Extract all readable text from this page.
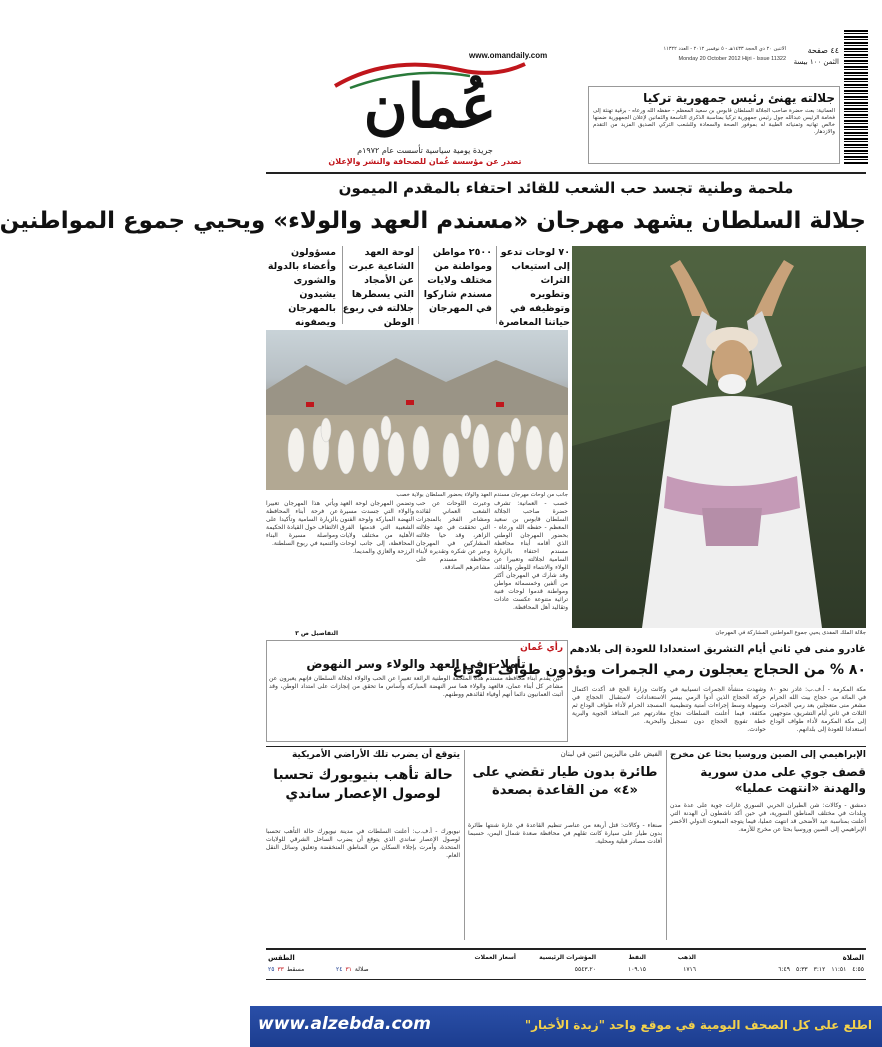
www.omandaily.com
٤٤ صفحة
الثمن ١٠٠ بيسة
الاثنين ٢٠ ذي الحجة ١٤٣٣هـ - ٥ نوفمبر ٢٠١٢ - العدد ١١٣٢٢
Monday 20 October 2012 Hijri - Issue 11322
عُمان
جريدة يومية سياسية تأسست عام ١٩٧٢م
تصدر عن مؤسسة عُمان للصحافة والنشر والإعلان
جلالته يهنئ رئيس جمهورية تركيا
العمانية: بعث حضرة صاحب الجلالة السلطان قابوس بن سعيد المعظم - حفظه الله ورعاه - برقية تهنئة إلى فخامة الرئيس عبدالله جول رئيس جمهورية تركيا بمناسبة الذكرى التاسعة والثمانين لإعلان الجمهورية ضمنها خالص تهانيه وتمنياته الطيبة له بموفور الصحة والسعادة وللشعب التركي الصديق المزيد من التقدم والازدهار.
ملحمة وطنية تجسد حب الشعب للقائد احتفاء بالمقدم الميمون
جلالة السلطان يشهد مهرجان «مسندم العهد والولاء» ويحيي جموع المواطنين
٧٠ لوحات تدعو إلى استيعاب التراث وتطويره وتوظيفه في حياتنا المعاصرة
٢٥٠٠ مواطن ومواطنة من مختلف ولايات مسندم شاركوا في المهرجان
لوحة العهد الشاعية عبرت عن الأمجاد التي يسطرها جلالته في ربوع الوطن
مسؤولون وأعضاء بالدولة والشورى يشيدون بالمهرجان ويصفونه
جانب من لوحات مهرجان مسندم العهد والولاء بحضور السلطان بولاية خصب
جلالة الملك المفدى يحيي جموع المواطنين المشاركة في المهرجان
خصب - العمانية: تشرف حضرة صاحب الجلالة السلطان قابوس بن سعيد المعظم - حفظه الله ورعاه - بحضور المهرجان الوطني الذي أقامه أبناء محافظة مسندم احتفاء بالزيارة السامية لجلالته وتعبيرا عن الولاء والانتماء للوطن والقائد، وقد شارك في المهرجان أكثر من ألفين وخمسمائة مواطن ومواطنة قدموا لوحات فنية تراثية متنوعة عكست عادات وتقاليد أهل المحافظة.
وعبرت اللوحات عن حب الشعب العماني لقائده ومشاعر الفخر بالمنجزات التي تحققت في عهد جلالته الزاهر، وقد حيا جلالته المشاركين في المهرجان وعبر عن شكره وتقديره لأبناء محافظة مسندم على مشاعرهم الصادقة.
وتضمن المهرجان لوحة العهد والولاء التي جسدت مسيرة النهضة المباركة ولوحة الفنون الشعبية التي قدمتها الفرق الأهلية من مختلف ولايات المحافظة، إلى جانب لوحات الرزحة والعازي والمديما.
ويأتي هذا المهرجان تعبيرا عن فرحة أبناء المحافظة بالزيارة السامية وتأكيدا على الالتفاف حول القيادة الحكيمة ومواصلة مسيرة البناء والتنمية في ربوع السلطنة.
التفاصيل ص ٣
رأي عُمان
تأملات في العهد والولاء وسر النهوض
حين يقدم أبناء محافظة مسندم هذه الملحمة الوطنية الرائعة تعبيرا عن الحب والولاء لجلالة السلطان فإنهم يعبرون عن مشاعر كل أبناء عمان، فالعهد والولاء هما سر النهضة المباركة وأساس ما تحقق من إنجازات على امتداد الوطن، وقد أثبت العمانيون دائما أنهم أوفياء لقائدهم ووطنهم.
غادرو منى في ثاني أيام التشريق استعدادا للعودة إلى بلادهم
٨٠ % من الحجاج يعجلون رمي الجمرات ويؤدون طواف الوداع
مكة المكرمة - أ.ف.ب: غادر نحو ٨٠ في المائة من حجاج بيت الله الحرام مشعر منى متعجلين بعد رمي الجمرات الثلاث في ثاني أيام التشريق، متوجهين إلى مكة المكرمة لأداء طواف الوداع استعدادا للعودة إلى بلدانهم.
وشهدت منشأة الجمرات انسيابية في حركة الحجاج الذين أدوا الرمي بيسر وسهولة وسط إجراءات أمنية وتنظيمية مكثفة، فيما أعلنت السلطات نجاح خطة تفويج الحجاج دون تسجيل حوادث.
وكانت وزارة الحج قد أكدت اكتمال الاستعدادات لاستقبال الحجاج في المسجد الحرام لأداء طواف الوداع ثم مغادرتهم عبر المنافذ الجوية والبرية والبحرية.
الإبراهيمي إلى الصين وروسيا بحثا عن مخرج
قصف جوي على مدن سورية والهدنة «انتهت عمليا»
دمشق - وكالات: شن الطيران الحربي السوري غارات جوية على عدة مدن وبلدات في مختلف المناطق السورية، في حين أكد ناشطون أن الهدنة التي أعلنت بمناسبة عيد الأضحى قد انتهت عمليا، فيما يتوجه المبعوث الدولي الأخضر الإبراهيمي إلى الصين وروسيا بحثا عن مخرج للأزمة.
الفيض على ماليزيين اثنين في لبنان
طائرة بدون طيار تقضي على «٤» من القاعدة بصعدة
صنعاء - وكالات: قتل أربعة من عناصر تنظيم القاعدة في غارة شنتها طائرة بدون طيار على سيارة كانت تقلهم في محافظة صعدة شمال اليمن، حسبما أفادت مصادر قبلية ومحلية.
يتوقع أن يضرب تلك الأراضي الأمريكية
حالة تأهب بنيويورك تحسبا لوصول الإعصار ساندي
نيويورك - أ.ف.ب: أعلنت السلطات في مدينة نيويورك حالة التأهب تحسبا لوصول الإعصار ساندي الذي يتوقع أن يضرب الساحل الشرقي للولايات المتحدة، وأمرت بإجلاء السكان من المناطق المنخفضة وتعليق وسائل النقل العام.
الصلاة
٤:٥٥
١١:٥١
٣:١٢
٥:٣٣
٦:٤٩
الذهب
١٧١٦
النفط
١٠٩.١٥
المؤشرات الرئيسية
٥٥٤٣.٢٠
أسعار العملات
الطقس
مسقط
٣٣
٢٥	صلالة
٣١
٢٤
www.alzebda.com	اطلع على كل الصحف اليومية في موقع واحد "زبدة الأخبار"
